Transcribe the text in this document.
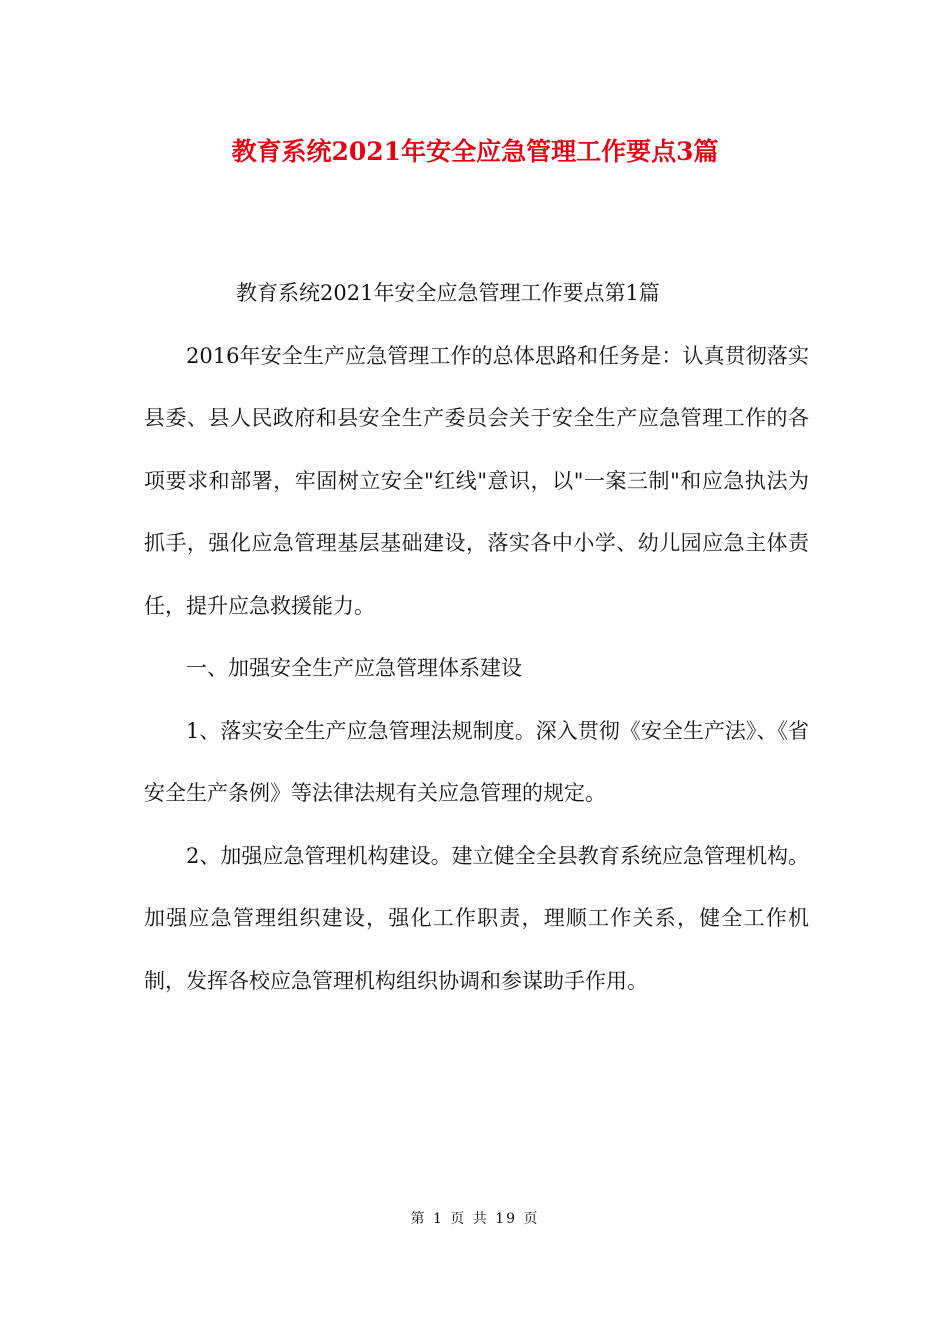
教育系统2021年安全应急管理工作要点3篇

教育系统2021年安全应急管理工作要点第1篇

2016年安全生产应急管理工作的总体思路和任务是：认真贯彻落实县委、县人民政府和县安全生产委员会关于安全生产应急管理工作的各项要求和部署，牢固树立安全"红线"意识，以"一案三制"和应急执法为抓手，强化应急管理基层基础建设，落实各中小学、幼儿园应急主体责任，提升应急救援能力。

一、加强安全生产应急管理体系建设

1、落实安全生产应急管理法规制度。深入贯彻《安全生产法》、《省安全生产条例》等法律法规有关应急管理的规定。

2、加强应急管理机构建设。建立健全全县教育系统应急管理机构。加强应急管理组织建设，强化工作职责，理顺工作关系，健全工作机制，发挥各校应急管理机构组织协调和参谋助手作用。

第 1 页 共 19 页
